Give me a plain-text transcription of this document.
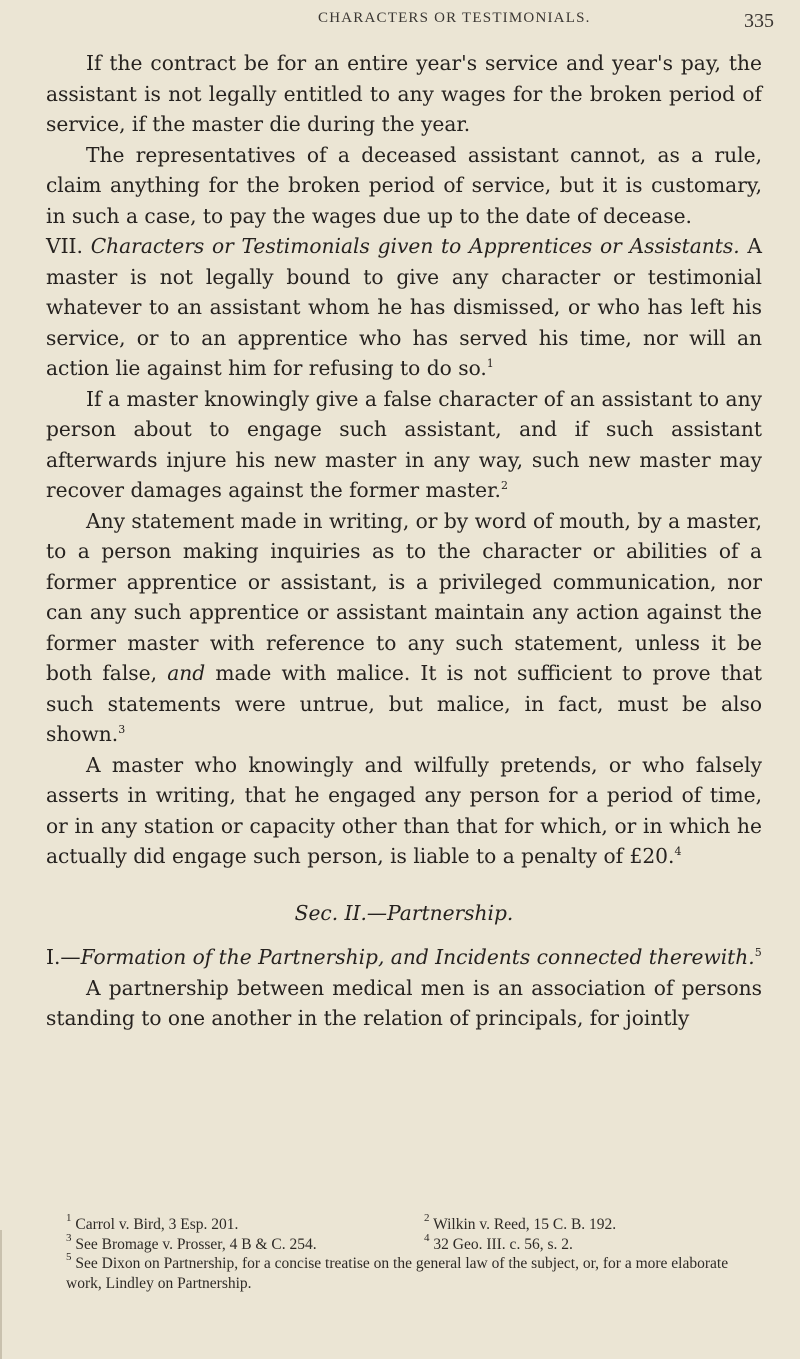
CHARACTERS OR TESTIMONIALS.	335

If the contract be for an entire year's service and year's pay, the assistant is not legally entitled to any wages for the broken period of service, if the master die during the year.

The representatives of a deceased assistant cannot, as a rule, claim anything for the broken period of service, but it is customary, in such a case, to pay the wages due up to the date of decease.

VII. Characters or Testimonials given to Apprentices or Assistants. A master is not legally bound to give any character or testimonial whatever to an assistant whom he has dismissed, or who has left his service, or to an apprentice who has served his time, nor will an action lie against him for refusing to do so.$^1$

If a master knowingly give a false character of an assistant to any person about to engage such assistant, and if such assistant afterwards injure his new master in any way, such new master may recover damages against the former master.$^2$

Any statement made in writing, or by word of mouth, by a master, to a person making inquiries as to the character or abilities of a former apprentice or assistant, is a privileged communication, nor can any such apprentice or assistant maintain any action against the former master with reference to any such statement, unless it be both false, and made with malice. It is not sufficient to prove that such statements were untrue, but malice, in fact, must be also shown.$^3$

A master who knowingly and wilfully pretends, or who falsely asserts in writing, that he engaged any person for a period of time, or in any station or capacity other than that for which, or in which he actually did engage such person, is liable to a penalty of £20.$^4$

Sec. II.—Partnership.

I.—Formation of the Partnership, and Incidents connected therewith.$^5$

A partnership between medical men is an association of persons standing to one another in the relation of principals, for jointly

$^1$ Carrol v. Bird, 3 Esp. 201.	$^2$ Wilkin v. Reed, 15 C. B. 192.
$^3$ See Bromage v. Prosser, 4 B & C. 254.	$^4$ 32 Geo. III. c. 56, s. 2.
$^5$ See Dixon on Partnership, for a concise treatise on the general law of the subject, or, for a more elaborate work, Lindley on Partnership.
